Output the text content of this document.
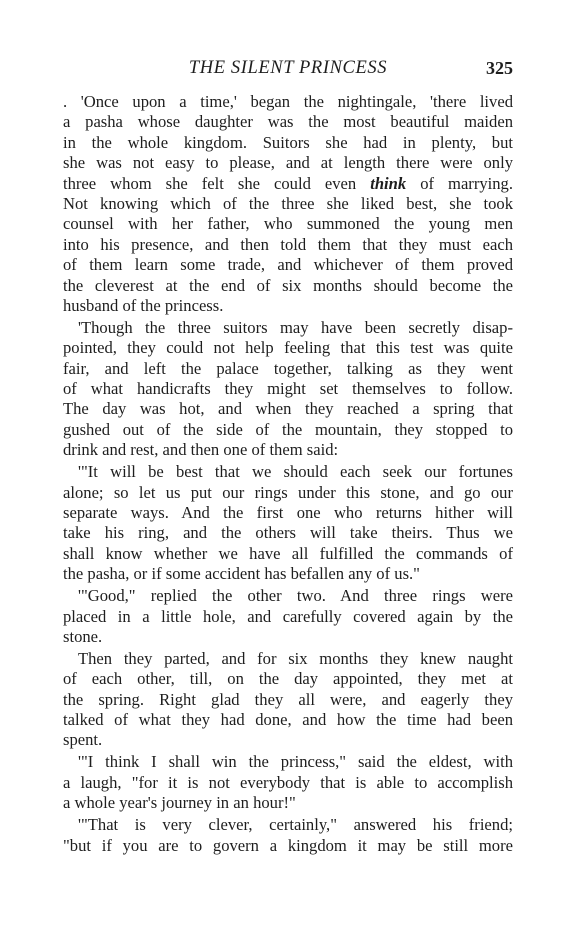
THE SILENT PRINCESS	325
. 'Once upon a time,' began the nightingale, 'there lived
a pasha whose daughter was the most beautiful maiden
in the whole kingdom. Suitors she had in plenty, but
she was not easy to please, and at length there were only
three whom she felt she could even think of marrying.
Not knowing which of the three she liked best, she took
counsel with her father, who summoned the young men
into his presence, and then told them that they must each
of them learn some trade, and whichever of them proved
the cleverest at the end of six months should become the
husband of the princess.
'Though the three suitors may have been secretly disap-
pointed, they could not help feeling that this test was quite
fair, and left the palace together, talking as they went
of what handicrafts they might set themselves to follow.
The day was hot, and when they reached a spring that
gushed out of the side of the mountain, they stopped to
drink and rest, and then one of them said:
'"It will be best that we should each seek our fortunes
alone; so let us put our rings under this stone, and go our
separate ways. And the first one who returns hither will
take his ring, and the others will take theirs. Thus we
shall know whether we have all fulfilled the commands of
the pasha, or if some accident has befallen any of us."
'"Good," replied the other two. And three rings were
placed in a little hole, and carefully covered again by the
stone.
Then they parted, and for six months they knew naught
of each other, till, on the day appointed, they met at
the spring. Right glad they all were, and eagerly they
talked of what they had done, and how the time had been
spent.
'"I think I shall win the princess," said the eldest, with
a laugh, "for it is not everybody that is able to accomplish
a whole year's journey in an hour!"
'"That is very clever, certainly," answered his friend;
"but if you are to govern a kingdom it may be still more
